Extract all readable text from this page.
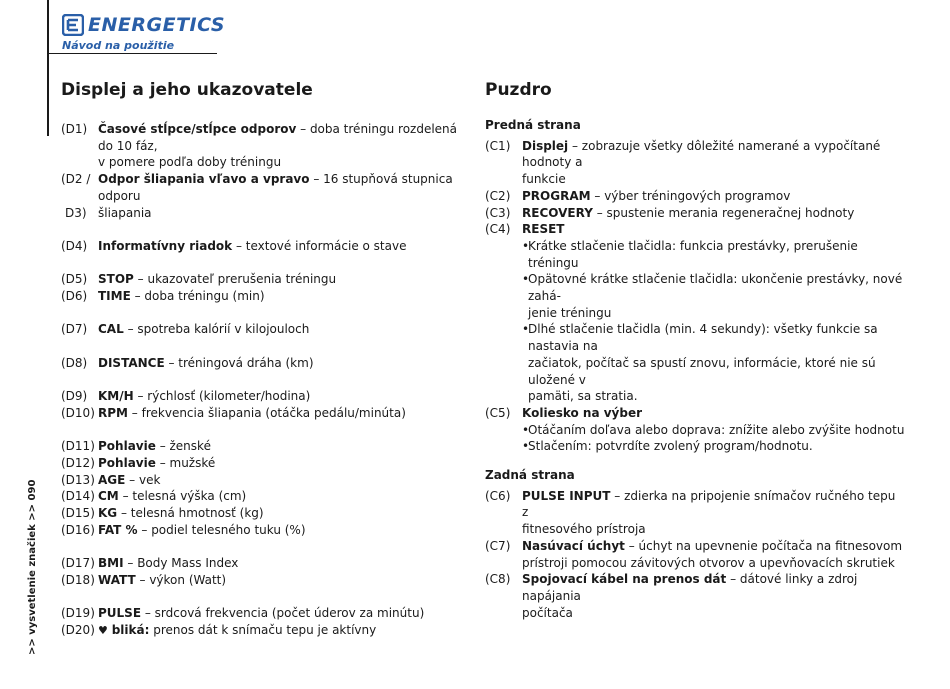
ENERGETICS
Návod na použitie
>> vysvetlenie značiek >> 090
Displej a jeho ukazovatele	Puzdro
(D1) Časové stĺpce/stĺpce odporov – doba tréningu rozdelená do 10 fáz,
v pomere podľa doby tréningu
(D2 / Odpor šliapania vľavo a vpravo – 16 stupňová stupnica odporu
D3) šliapania
(D4) Informatívny riadok – textové informácie o stave
(D5) STOP – ukazovateľ prerušenia tréningu
(D6) TIME – doba tréningu (min)
(D7) CAL – spotreba kalórií v kilojouloch
(D8) DISTANCE – tréningová dráha (km)
(D9) KM/H – rýchlosť (kilometer/hodina)
(D10) RPM – frekvencia šliapania (otáčka pedálu/minúta)
(D11) Pohlavie – ženské
(D12) Pohlavie – mužské
(D13) AGE – vek
(D14) CM – telesná výška (cm)
(D15) KG – telesná hmotnosť (kg)
(D16) FAT % – podiel telesného tuku (%)
(D17) BMI – Body Mass Index
(D18) WATT – výkon (Watt)
(D19) PULSE – srdcová frekvencia (počet úderov za minútu)
(D20) ♥ bliká: prenos dát k snímaču tepu je aktívny
Predná strana
(C1) Displej – zobrazuje všetky dôležité namerané a vypočítané hodnoty a
funkcie
(C2) PROGRAM – výber tréningových programov
(C3) RECOVERY – spustenie merania regeneračnej hodnoty
(C4) RESET
•
Krátke stlačenie tlačidla: funkcia prestávky, prerušenie tréningu
•
Opätovné krátke stlačenie tlačidla: ukončenie prestávky, nové zahá-
jenie tréningu
•
Dlhé stlačenie tlačidla (min. 4 sekundy): všetky funkcie sa nastavia na
začiatok, počítač sa spustí znovu, informácie, ktoré nie sú uložené v
pamäti, sa stratia.
(C5) Koliesko na výber
•
Otáčaním doľava alebo doprava: znížite alebo zvýšite hodnotu
•
Stlačením: potvrdíte zvolený program/hodnotu.
Zadná strana
(C6) PULSE INPUT – zdierka na pripojenie snímačov ručného tepu z
fitnesového prístroja
(C7) Nasúvací úchyt – úchyt na upevnenie počítača na fitnesovom
prístroji pomocou závitových otvorov a upevňovacích skrutiek
(C8) Spojovací kábel na prenos dát – dátové linky a zdroj napájania
počítača
